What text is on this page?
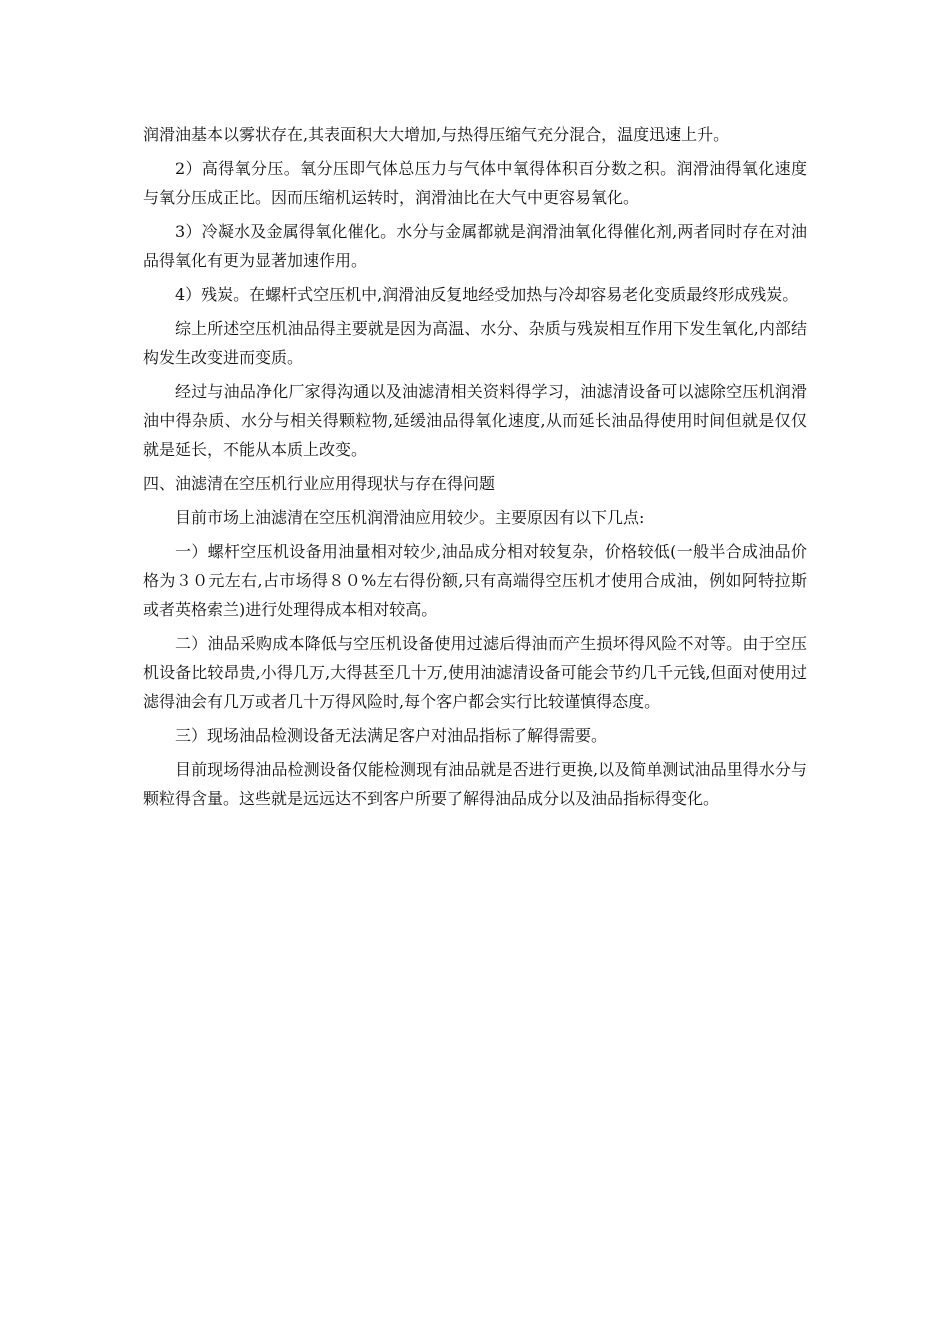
润滑油基本以雾状存在,其表面积大大增加,与热得压缩气充分混合，温度迅速上升。

2）高得氧分压。氧分压即气体总压力与气体中氧得体积百分数之积。润滑油得氧化速度与氧分压成正比。因而压缩机运转时，润滑油比在大气中更容易氧化。

3）冷凝水及金属得氧化催化。水分与金属都就是润滑油氧化得催化剂,两者同时存在对油品得氧化有更为显著加速作用。

4）残炭。在螺杆式空压机中,润滑油反复地经受加热与冷却容易老化变质最终形成残炭。

综上所述空压机油品得主要就是因为高温、水分、杂质与残炭相互作用下发生氧化,内部结构发生改变进而变质。

经过与油品净化厂家得沟通以及油滤清相关资料得学习，油滤清设备可以滤除空压机润滑油中得杂质、水分与相关得颗粒物,延缓油品得氧化速度,从而延长油品得使用时间但就是仅仅就是延长，不能从本质上改变。

四、油滤清在空压机行业应用得现状与存在得问题

目前市场上油滤清在空压机润滑油应用较少。主要原因有以下几点:

一）螺杆空压机设备用油量相对较少,油品成分相对较复杂，价格较低(一般半合成油品价格为３０元左右,占市场得８０%左右得份额,只有高端得空压机才使用合成油，例如阿特拉斯或者英格索兰)进行处理得成本相对较高。

二）油品采购成本降低与空压机设备使用过滤后得油而产生损坏得风险不对等。由于空压机设备比较昂贵,小得几万,大得甚至几十万,使用油滤清设备可能会节约几千元钱,但面对使用过滤得油会有几万或者几十万得风险时,每个客户都会实行比较谨慎得态度。

三）现场油品检测设备无法满足客户对油品指标了解得需要。

目前现场得油品检测设备仅能检测现有油品就是否进行更换,以及简单测试油品里得水分与颗粒得含量。这些就是远远达不到客户所要了解得油品成分以及油品指标得变化。
